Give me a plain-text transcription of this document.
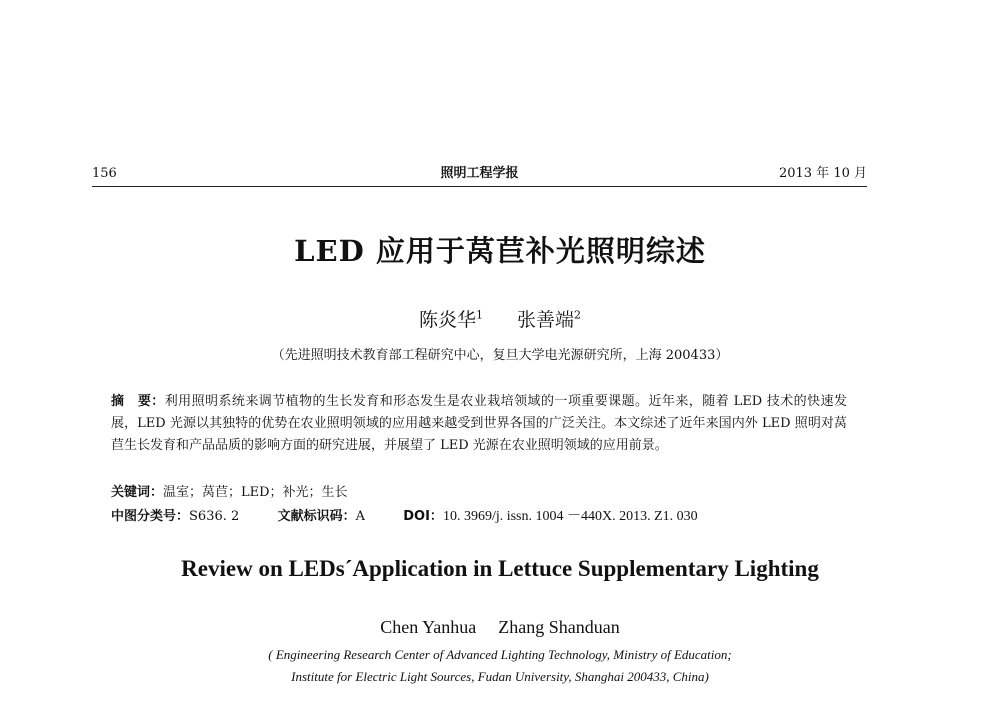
156	照明工程学报	2013 年 10 月
LED 应用于莴苣补光照明综述
陈炎华$^1$ 张善端$^2$
（先进照明技术教育部工程研究中心，复旦大学电光源研究所，上海 200433）
摘　要：利用照明系统来调节植物的生长发育和形态发生是农业栽培领域的一项重要课题。近年来，随着 LED 技术的快速发展，LED 光源以其独特的优势在农业照明领域的应用越来越受到世界各国的广泛关注。本文综述了近年来国内外 LED 照明对莴苣生长发育和产品品质的影响方面的研究进展，并展望了 LED 光源在农业照明领域的应用前景。
关键词：温室；莴苣；LED；补光；生长
中图分类号：S636. 2	文献标识码：A	DOI：10. 3969/j. issn. 1004 －440X. 2013. Z1. 030
Review on LEDs´Application in Lettuce Supplementary Lighting
Chen Yanhua Zhang Shanduan
( Engineering Research Center of Advanced Lighting Technology, Ministry of Education;
Institute for Electric Light Sources, Fudan University, Shanghai 200433, China)
